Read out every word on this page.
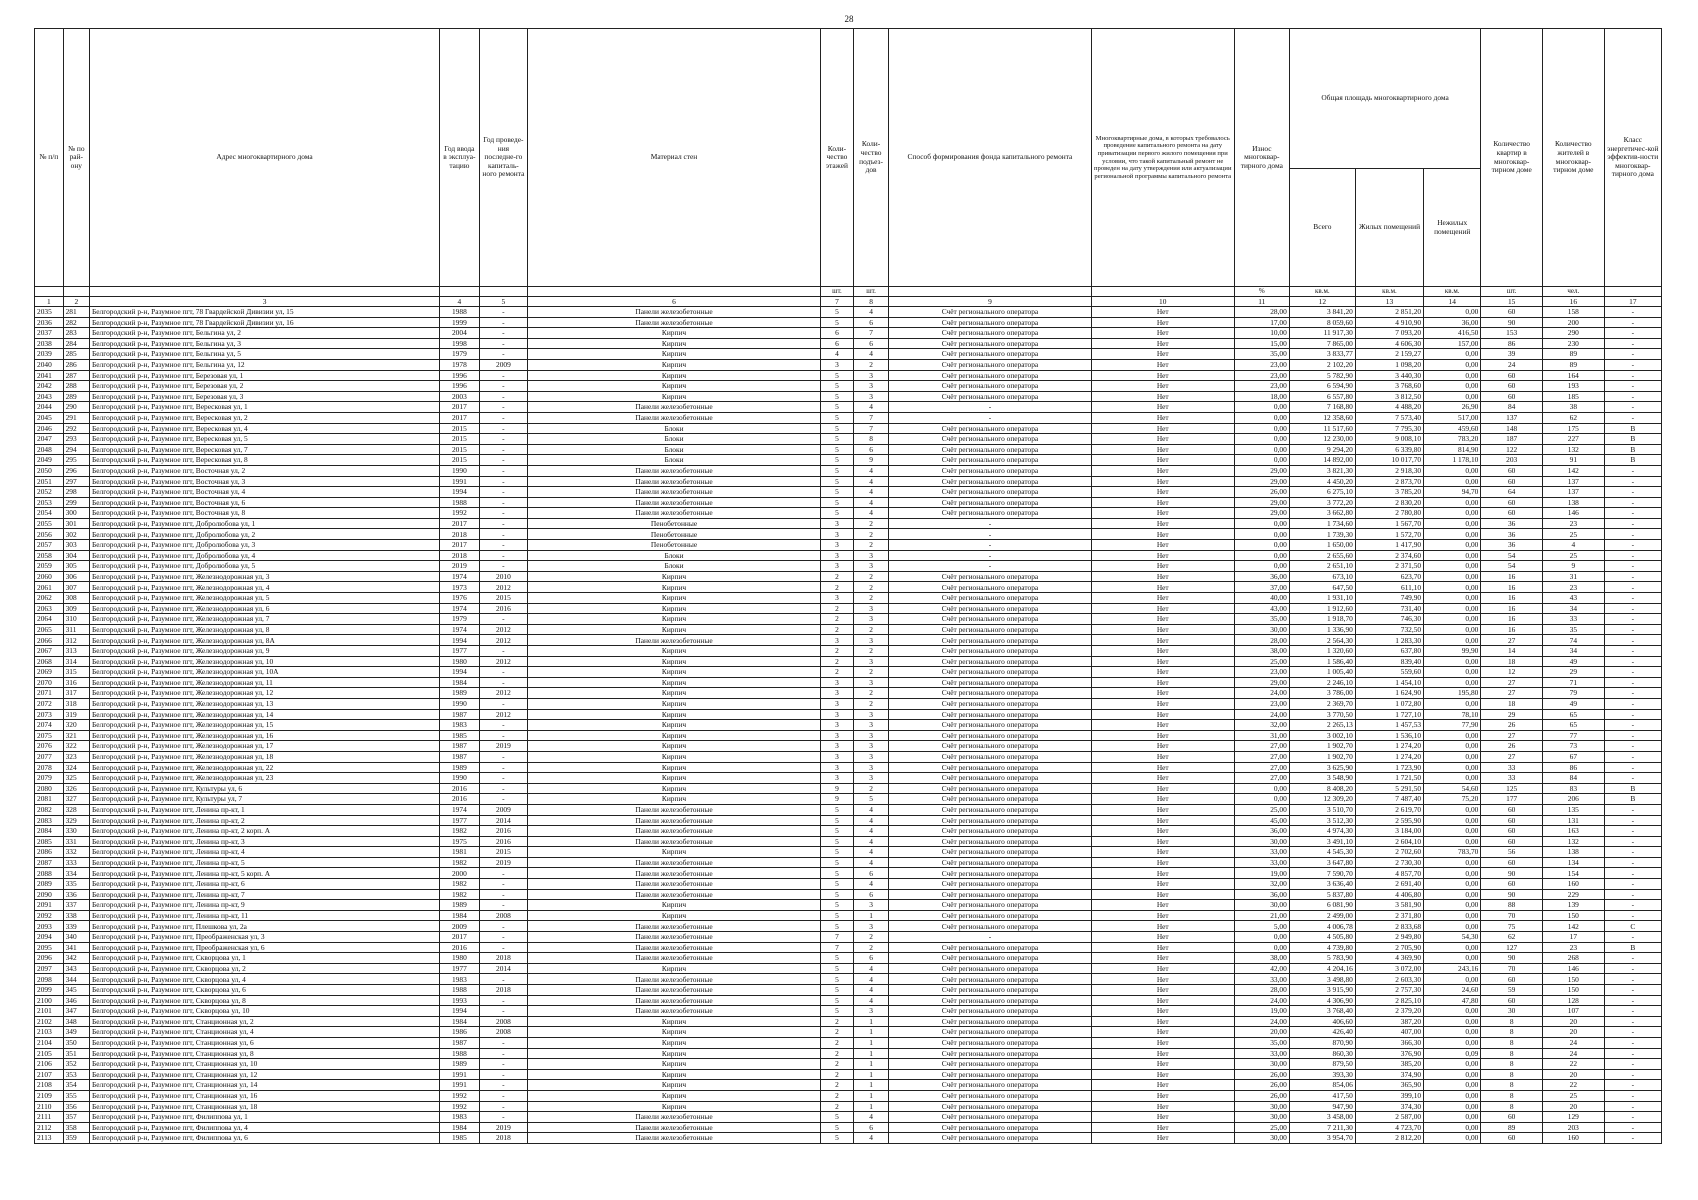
28
№ п/п	№ по рай-ону	Адрес многоквартирного дома	Год ввода в эксплуа-тацию	Год проведе-ния последне-го капиталь-ного ремонта	Материал стен	Коли-чество этажей	Коли-чество подъез-дов	Способ формирования фонда капитального ремонта	Многоквартирные дома, в которых требовалось проведение капитального ремонта на дату приватизации первого жилого помещения при условии, что такой капитальный ремонт не проведен на дату утверждения или актуализации региональной программы капитального ремонта	Износ многоквар-тирного дома	Общая площадь многоквартирного дома			Количество квартир в многоквар-тирном доме	Количество жителей в многоквар-тирном доме	Класс энергетичес-кой эффектив-ности многоквар-тирного дома
											Всего	Жилых помещений	Нежилых помещений			
						шт.	шт.			%	кв.м.	кв.м.	кв.м.	шт.	чел.	
1	2	3	4	5	6	7	8	9	10	11	12	13	14	15	16	17
2035	281	Белгородский р-н, Разумное пгт, 78 Гвардейской Дивизии ул, 15	1988	-	Панели железобетонные	5	4	Счёт регионального оператора	Нет	28,00	3 841,20	2 851,20	0,00	60	158	-
2036	282	Белгородский р-н, Разумное пгт, 78 Гвардейской Дивизии ул, 16	1999	-	Панели железобетонные	5	6	Счёт регионального оператора	Нет	17,00	8 059,60	4 910,90	36,00	90	200	-
2037	283	Белгородский р-н, Разумное пгт, Бельгина ул, 2	2004	-	Кирпич	6	7	Счёт регионального оператора	Нет	10,00	11 917,30	7 093,20	416,50	153	290	-
2038	284	Белгородский р-н, Разумное пгт, Бельгина ул, 3	1998	-	Кирпич	6	6	Счёт регионального оператора	Нет	15,00	7 865,00	4 606,30	157,00	86	230	-
2039	285	Белгородский р-н, Разумное пгт, Бельгина ул, 5	1979	-	Кирпич	4	4	Счёт регионального оператора	Нет	35,00	3 833,77	2 159,27	0,00	39	89	-
2040	286	Белгородский р-н, Разумное пгт, Бельгина ул, 12	1978	2009	Кирпич	3	2	Счёт регионального оператора	Нет	23,00	2 102,20	1 098,20	0,00	24	89	-
2041	287	Белгородский р-н, Разумное пгт, Березовая ул, 1	1996	-	Кирпич	5	3	Счёт регионального оператора	Нет	23,00	5 782,90	3 440,30	0,00	60	164	-
2042	288	Белгородский р-н, Разумное пгт, Березовая ул, 2	1996	-	Кирпич	5	3	Счёт регионального оператора	Нет	23,00	6 594,90	3 768,60	0,00	60	193	-
2043	289	Белгородский р-н, Разумное пгт, Березовая ул, 3	2003	-	Кирпич	5	3	Счёт регионального оператора	Нет	18,00	6 557,80	3 812,50	0,00	60	185	-
2044	290	Белгородский р-н, Разумное пгт, Вересковая ул, 1	2017	-	Панели железобетонные	5	4	-	Нет	0,00	7 168,80	4 488,20	26,90	84	38	-
2045	291	Белгородский р-н, Разумное пгт, Вересковая ул, 2	2017	-	Панели железобетонные	5	7	-	Нет	0,00	12 358,60	7 573,40	517,00	137	62	-
2046	292	Белгородский р-н, Разумное пгт, Вересковая ул, 4	2015	-	Блоки	5	7	Счёт регионального оператора	Нет	0,00	11 517,60	7 795,30	459,60	148	175	B
2047	293	Белгородский р-н, Разумное пгт, Вересковая ул, 5	2015	-	Блоки	5	8	Счёт регионального оператора	Нет	0,00	12 230,00	9 008,10	783,20	187	227	B
2048	294	Белгородский р-н, Разумное пгт, Вересковая ул, 7	2015	-	Блоки	5	6	Счёт регионального оператора	Нет	0,00	9 294,20	6 339,80	814,90	122	132	B
2049	295	Белгородский р-н, Разумное пгт, Вересковая ул, 8	2015	-	Блоки	5	9	Счёт регионального оператора	Нет	0,00	14 892,00	10 017,70	1 178,10	203	91	B
2050	296	Белгородский р-н, Разумное пгт, Восточная ул, 2	1990	-	Панели железобетонные	5	4	Счёт регионального оператора	Нет	29,00	3 821,30	2 918,30	0,00	60	142	-
2051	297	Белгородский р-н, Разумное пгт, Восточная ул, 3	1991	-	Панели железобетонные	5	4	Счёт регионального оператора	Нет	29,00	4 450,20	2 873,70	0,00	60	137	-
2052	298	Белгородский р-н, Разумное пгт, Восточная ул, 4	1994	-	Панели железобетонные	5	4	Счёт регионального оператора	Нет	26,00	6 275,10	3 785,20	94,70	64	137	-
2053	299	Белгородский р-н, Разумное пгт, Восточная ул, 6	1988	-	Панели железобетонные	5	4	Счёт регионального оператора	Нет	29,00	3 772,20	2 830,20	0,00	60	138	-
2054	300	Белгородский р-н, Разумное пгт, Восточная ул, 8	1992	-	Панели железобетонные	5	4	Счёт регионального оператора	Нет	29,00	3 662,80	2 780,80	0,00	60	146	-
2055	301	Белгородский р-н, Разумное пгт, Добролюбова ул, 1	2017	-	Пенобетонные	3	2	-	Нет	0,00	1 734,60	1 567,70	0,00	36	23	-
2056	302	Белгородский р-н, Разумное пгт, Добролюбова ул, 2	2018	-	Пенобетонные	3	2	-	Нет	0,00	1 739,30	1 572,70	0,00	36	25	-
2057	303	Белгородский р-н, Разумное пгт, Добролюбова ул, 3	2017	-	Пенобетонные	3	2	-	Нет	0,00	1 650,00	1 417,90	0,00	36	4	-
2058	304	Белгородский р-н, Разумное пгт, Добролюбова ул, 4	2018	-	Блоки	3	3	-	Нет	0,00	2 655,60	2 374,60	0,00	54	25	-
2059	305	Белгородский р-н, Разумное пгт, Добролюбова ул, 5	2019	-	Блоки	3	3	-	Нет	0,00	2 651,10	2 371,50	0,00	54	9	-
2060	306	Белгородский р-н, Разумное пгт, Железнодорожная ул, 3	1974	2010	Кирпич	2	2	Счёт регионального оператора	Нет	36,00	673,10	623,70	0,00	16	31	-
2061	307	Белгородский р-н, Разумное пгт, Железнодорожная ул, 4	1973	2012	Кирпич	2	2	Счёт регионального оператора	Нет	37,00	647,50	611,10	0,00	16	23	-
2062	308	Белгородский р-н, Разумное пгт, Железнодорожная ул, 5	1976	2015	Кирпич	3	2	Счёт регионального оператора	Нет	40,00	1 931,10	749,90	0,00	16	43	-
2063	309	Белгородский р-н, Разумное пгт, Железнодорожная ул, 6	1974	2016	Кирпич	2	3	Счёт регионального оператора	Нет	43,00	1 912,60	731,40	0,00	16	34	-
2064	310	Белгородский р-н, Разумное пгт, Железнодорожная ул, 7	1979	-	Кирпич	2	3	Счёт регионального оператора	Нет	35,00	1 918,70	746,30	0,00	16	33	-
2065	311	Белгородский р-н, Разумное пгт, Железнодорожная ул, 8	1974	2012	Кирпич	2	2	Счёт регионального оператора	Нет	30,00	1 336,90	732,50	0,00	16	35	-
2066	312	Белгородский р-н, Разумное пгт, Железнодорожная ул, 8А	1994	2012	Панели железобетонные	3	3	Счёт регионального оператора	Нет	28,00	2 564,30	1 283,30	0,00	27	74	-
2067	313	Белгородский р-н, Разумное пгт, Железнодорожная ул, 9	1977	-	Кирпич	2	2	Счёт регионального оператора	Нет	38,00	1 320,60	637,80	99,90	14	34	-
2068	314	Белгородский р-н, Разумное пгт, Железнодорожная ул, 10	1980	2012	Кирпич	2	3	Счёт регионального оператора	Нет	25,00	1 586,40	839,40	0,00	18	49	-
2069	315	Белгородский р-н, Разумное пгт, Железнодорожная ул, 10А	1994	-	Кирпич	2	2	Счёт регионального оператора	Нет	23,00	1 005,40	559,60	0,00	12	29	-
2070	316	Белгородский р-н, Разумное пгт, Железнодорожная ул, 11	1984	-	Кирпич	3	3	Счёт регионального оператора	Нет	29,00	2 246,10	1 454,10	0,00	27	71	-
2071	317	Белгородский р-н, Разумное пгт, Железнодорожная ул, 12	1989	2012	Кирпич	3	2	Счёт регионального оператора	Нет	24,00	3 786,00	1 624,90	195,80	27	79	-
2072	318	Белгородский р-н, Разумное пгт, Железнодорожная ул, 13	1990	-	Кирпич	3	2	Счёт регионального оператора	Нет	23,00	2 369,70	1 072,80	0,00	18	49	-
2073	319	Белгородский р-н, Разумное пгт, Железнодорожная ул, 14	1987	2012	Кирпич	3	3	Счёт регионального оператора	Нет	24,00	3 770,50	1 727,10	78,10	29	65	-
2074	320	Белгородский р-н, Разумное пгт, Железнодорожная ул, 15	1983	-	Кирпич	3	3	Счёт регионального оператора	Нет	32,00	2 265,13	1 457,53	77,90	26	65	-
2075	321	Белгородский р-н, Разумное пгт, Железнодорожная ул, 16	1985	-	Кирпич	3	3	Счёт регионального оператора	Нет	31,00	3 002,10	1 536,10	0,00	27	77	-
2076	322	Белгородский р-н, Разумное пгт, Железнодорожная ул, 17	1987	2019	Кирпич	3	3	Счёт регионального оператора	Нет	27,00	1 902,70	1 274,20	0,00	26	73	-
2077	323	Белгородский р-н, Разумное пгт, Железнодорожная ул, 18	1987	-	Кирпич	3	3	Счёт регионального оператора	Нет	27,00	1 902,70	1 274,20	0,00	27	67	-
2078	324	Белгородский р-н, Разумное пгт, Железнодорожная ул, 22	1989	-	Кирпич	3	3	Счёт регионального оператора	Нет	27,00	3 625,90	1 723,90	0,00	33	86	-
2079	325	Белгородский р-н, Разумное пгт, Железнодорожная ул, 23	1990	-	Кирпич	3	3	Счёт регионального оператора	Нет	27,00	3 548,90	1 721,50	0,00	33	84	-
2080	326	Белгородский р-н, Разумное пгт, Культуры ул, 6	2016	-	Кирпич	9	2	Счёт регионального оператора	Нет	0,00	8 408,20	5 291,50	54,60	125	83	B
2081	327	Белгородский р-н, Разумное пгт, Культуры ул, 7	2016	-	Кирпич	9	5	Счёт регионального оператора	Нет	0,00	12 309,20	7 487,40	75,20	177	206	B
2082	328	Белгородский р-н, Разумное пгт, Ленина пр-кт, 1	1974	2009	Панели железобетонные	5	4	Счёт регионального оператора	Нет	25,00	3 510,70	2 619,70	0,00	60	135	-
2083	329	Белгородский р-н, Разумное пгт, Ленина пр-кт, 2	1977	2014	Панели железобетонные	5	4	Счёт регионального оператора	Нет	45,00	3 512,30	2 595,90	0,00	60	131	-
2084	330	Белгородский р-н, Разумное пгт, Ленина пр-кт, 2 корп. А	1982	2016	Панели железобетонные	5	4	Счёт регионального оператора	Нет	36,00	4 974,30	3 184,00	0,00	60	163	-
2085	331	Белгородский р-н, Разумное пгт, Ленина пр-кт, 3	1975	2016	Панели железобетонные	5	4	Счёт регионального оператора	Нет	30,00	3 491,10	2 604,10	0,00	60	132	-
2086	332	Белгородский р-н, Разумное пгт, Ленина пр-кт, 4	1981	2015	Кирпич	5	4	Счёт регионального оператора	Нет	33,00	4 545,30	2 702,60	783,70	56	138	-
2087	333	Белгородский р-н, Разумное пгт, Ленина пр-кт, 5	1982	2019	Панели железобетонные	5	4	Счёт регионального оператора	Нет	33,00	3 647,80	2 730,30	0,00	60	134	-
2088	334	Белгородский р-н, Разумное пгт, Ленина пр-кт, 5 корп. А	2000	-	Панели железобетонные	5	6	Счёт регионального оператора	Нет	19,00	7 590,70	4 857,70	0,00	90	154	-
2089	335	Белгородский р-н, Разумное пгт, Ленина пр-кт, 6	1982	-	Панели железобетонные	5	4	Счёт регионального оператора	Нет	32,00	3 636,40	2 691,40	0,00	60	160	-
2090	336	Белгородский р-н, Разумное пгт, Ленина пр-кт, 7	1982	-	Панели железобетонные	5	6	Счёт регионального оператора	Нет	36,00	5 837,80	4 406,80	0,00	90	229	-
2091	337	Белгородский р-н, Разумное пгт, Ленина пр-кт, 9	1989	-	Кирпич	5	3	Счёт регионального оператора	Нет	30,00	6 081,90	3 581,90	0,00	88	139	-
2092	338	Белгородский р-н, Разумное пгт, Ленина пр-кт, 11	1984	2008	Кирпич	5	1	Счёт регионального оператора	Нет	21,00	2 499,00	2 371,80	0,00	70	150	-
2093	339	Белгородский р-н, Разумное пгт, Плешкова ул, 2а	2009	-	Панели железобетонные	5	3	Счёт регионального оператора	Нет	5,00	4 006,78	2 833,68	0,00	75	142	C
2094	340	Белгородский р-н, Разумное пгт, Преображенская ул, 3	2017	-	Панели железобетонные	7	2	-	Нет	0,00	4 505,80	2 949,80	54,30	62	17	-
2095	341	Белгородский р-н, Разумное пгт, Преображенская ул, 6	2016	-	Панели железобетонные	7	2	Счёт регионального оператора	Нет	0,00	4 739,80	2 705,90	0,00	127	23	B
2096	342	Белгородский р-н, Разумное пгт, Скворцова ул, 1	1980	2018	Панели железобетонные	5	6	Счёт регионального оператора	Нет	38,00	5 783,90	4 369,90	0,00	90	268	-
2097	343	Белгородский р-н, Разумное пгт, Скворцова ул, 2	1977	2014	Кирпич	5	4	Счёт регионального оператора	Нет	42,00	4 204,16	3 072,00	243,16	70	146	-
2098	344	Белгородский р-н, Разумное пгт, Скворцова ул, 4	1983	-	Панели железобетонные	5	4	Счёт регионального оператора	Нет	33,00	3 498,80	2 603,30	0,00	60	150	-
2099	345	Белгородский р-н, Разумное пгт, Скворцова ул, 6	1988	2018	Панели железобетонные	5	4	Счёт регионального оператора	Нет	28,00	3 915,90	2 757,30	24,60	59	150	-
2100	346	Белгородский р-н, Разумное пгт, Скворцова ул, 8	1993	-	Панели железобетонные	5	4	Счёт регионального оператора	Нет	24,00	4 306,90	2 825,10	47,80	60	128	-
2101	347	Белгородский р-н, Разумное пгт, Скворцова ул, 10	1994	-	Панели железобетонные	5	3	Счёт регионального оператора	Нет	19,00	3 768,40	2 379,20	0,00	30	107	-
2102	348	Белгородский р-н, Разумное пгт, Станционная ул, 2	1984	2008	Кирпич	2	1	Счёт регионального оператора	Нет	24,00	406,60	387,20	0,00	8	20	-
2103	349	Белгородский р-н, Разумное пгт, Станционная ул, 4	1986	2008	Кирпич	2	1	Счёт регионального оператора	Нет	20,00	426,40	407,00	0,00	8	20	-
2104	350	Белгородский р-н, Разумное пгт, Станционная ул, 6	1987	-	Кирпич	2	1	Счёт регионального оператора	Нет	35,00	870,90	366,30	0,00	8	24	-
2105	351	Белгородский р-н, Разумное пгт, Станционная ул, 8	1988	-	Кирпич	2	1	Счёт регионального оператора	Нет	33,00	860,30	376,90	0,09	8	24	-
2106	352	Белгородский р-н, Разумное пгт, Станционная ул, 10	1989	-	Кирпич	2	1	Счёт регионального оператора	Нет	30,00	879,50	385,20	0,00	8	22	-
2107	353	Белгородский р-н, Разумное пгт, Станционная ул, 12	1991	-	Кирпич	2	1	Счёт регионального оператора	Нет	26,00	393,30	374,90	0,00	8	20	-
2108	354	Белгородский р-н, Разумное пгт, Станционная ул, 14	1991	-	Кирпич	2	1	Счёт регионального оператора	Нет	26,00	854,06	365,90	0,00	8	22	-
2109	355	Белгородский р-н, Разумное пгт, Станционная ул, 16	1992	-	Кирпич	2	1	Счёт регионального оператора	Нет	26,00	417,50	399,10	0,00	8	25	-
2110	356	Белгородский р-н, Разумное пгт, Станционная ул, 18	1992	-	Кирпич	2	1	Счёт регионального оператора	Нет	30,00	947,90	374,30	0,00	8	20	-
2111	357	Белгородский р-н, Разумное пгт, Филиппова ул, 1	1983	-	Панели железобетонные	5	4	Счёт регионального оператора	Нет	30,00	3 458,00	2 587,00	0,00	60	129	-
2112	358	Белгородский р-н, Разумное пгт, Филиппова ул, 4	1984	2019	Панели железобетонные	5	6	Счёт регионального оператора	Нет	25,00	7 211,30	4 723,70	0,00	89	203	-
2113	359	Белгородский р-н, Разумное пгт, Филиппова ул, 6	1985	2018	Панели железобетонные	5	4	Счёт регионального оператора	Нет	30,00	3 954,70	2 812,20	0,00	60	160	-
